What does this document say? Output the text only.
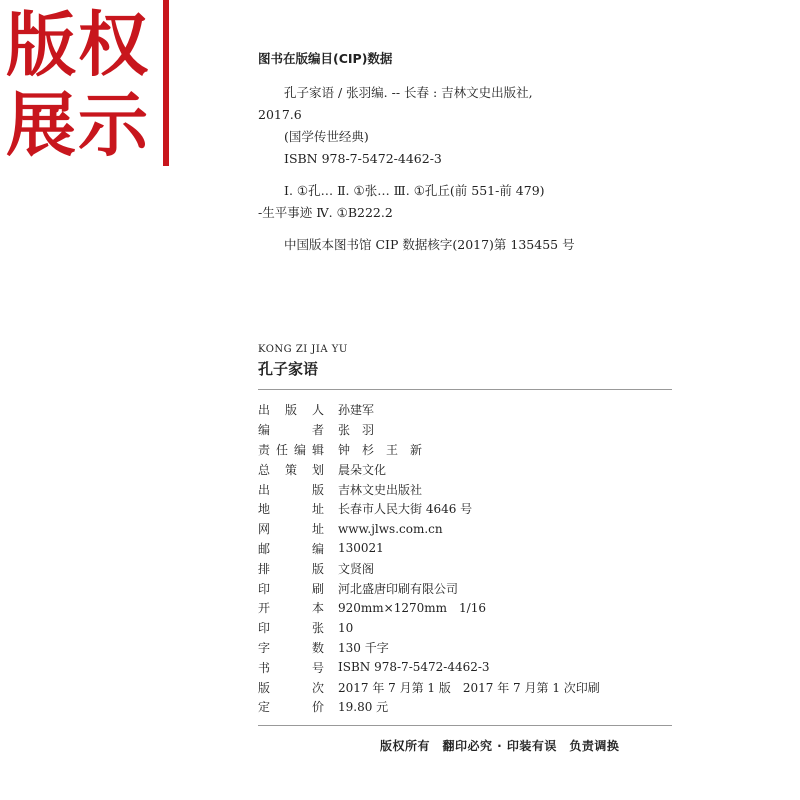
版权
展示
图书在版编目(CIP)数据
孔子家语 / 张羽编. -- 长春 : 吉林文史出版社,
2017.6
(国学传世经典)
ISBN 978-7-5472-4462-3
Ⅰ. ①孔… Ⅱ. ①张… Ⅲ. ①孔丘(前 551-前 479)
-生平事迹 Ⅳ. ①B222.2
中国版本图书馆 CIP 数据核字(2017)第 135455 号
KONG ZI JIA YU
孔子家语
出 版 人 孙建军
编	者 张　羽
责 任 编 辑 钟　杉　王　新
总 策 划 晨朵文化
出	版 吉林文史出版社
地	址 长春市人民大街 4646 号
网	址 www.jlws.com.cn
邮	编 130021
排	版 文贤阁
印	刷 河北盛唐印刷有限公司
开	本 920mm×1270mm　1/16
印	张 10
字	数 130 千字
书	号 ISBN 978-7-5472-4462-3
版	次 2017 年 7 月第 1 版　2017 年 7 月第 1 次印刷
定	价 19.80 元
版权所有　翻印必究 · 印装有误　负责调换
